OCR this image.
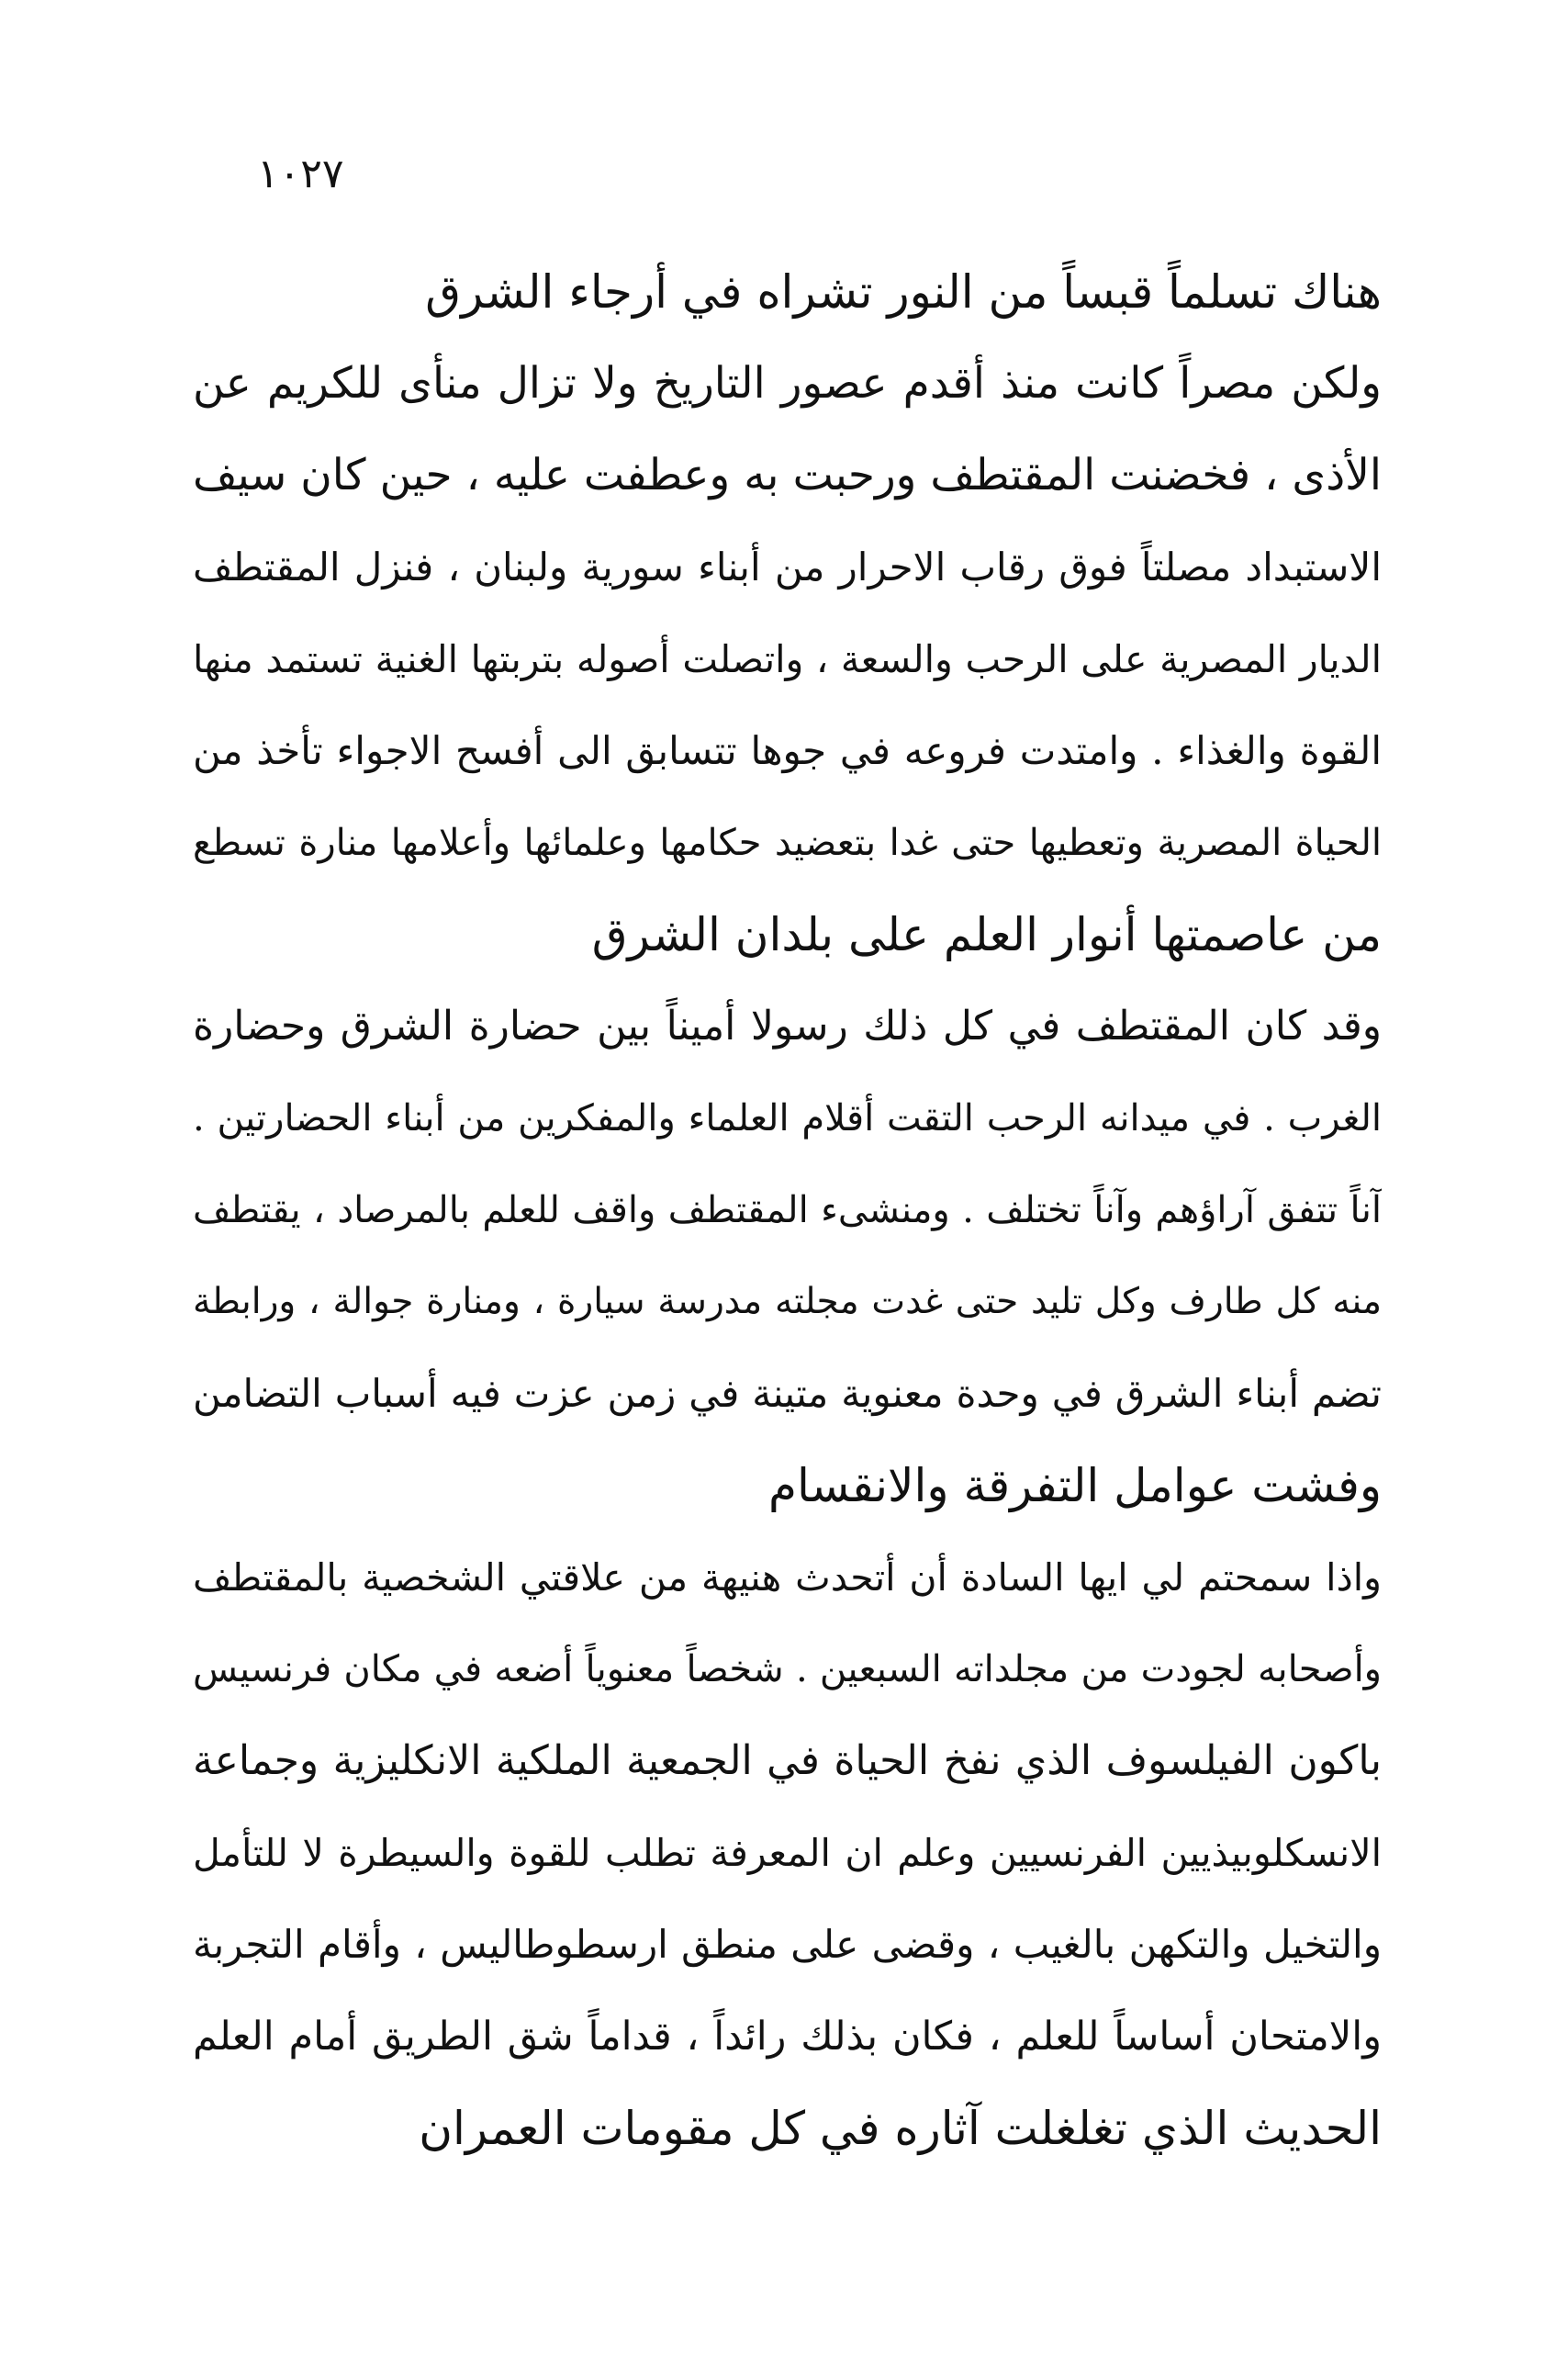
١٠٢٧
هناك تسلماً قبساً من النور تشراه في أرجاء الشرق
ولكن مصراً كانت منذ أقدم عصور التاريخ ولا تزال منأى للكريم عن
الأذى ، فخضنت المقتطف ورحبت به وعطفت عليه ، حين كان سيف
الاستبداد مصلتاً فوق رقاب الاحرار من أبناء سورية ولبنان ، فنزل المقتطف
الديار المصرية على الرحب والسعة ، واتصلت أصوله بتربتها الغنية تستمد منها
القوة والغذاء . وامتدت فروعه في جوها تتسابق الى أفسح الاجواء تأخذ من
الحياة المصرية وتعطيها حتى غدا بتعضيد حكامها وعلمائها وأعلامها منارة تسطع
من عاصمتها أنوار العلم على بلدان الشرق
وقد كان المقتطف في كل ذلك رسولا أميناً بين حضارة الشرق وحضارة
الغرب . في ميدانه الرحب التقت أقلام العلماء والمفكرين من أبناء الحضارتين .
آناً تتفق آراؤهم وآناً تختلف . ومنشىء المقتطف واقف للعلم بالمرصاد ، يقتطف
منه كل طارف وكل تليد حتى غدت مجلته مدرسة سيارة ، ومنارة جوالة ، ورابطة
تضم أبناء الشرق في وحدة معنوية متينة في زمن عزت فيه أسباب التضامن
وفشت عوامل التفرقة والانقسام
واذا سمحتم لي ايها السادة أن أتحدث هنيهة من علاقتي الشخصية بالمقتطف
وأصحابه لجودت من مجلداته السبعين . شخصاً معنوياً أضعه في مكان فرنسيس
باكون الفيلسوف الذي نفخ الحياة في الجمعية الملكية الانكليزية وجماعة
الانسكلوبيذيين الفرنسيين وعلم ان المعرفة تطلب للقوة والسيطرة لا للتأمل
والتخيل والتكهن بالغيب ، وقضى على منطق ارسطوطاليس ، وأقام التجربة
والامتحان أساساً للعلم ، فكان بذلك رائداً ، قداماً شق الطريق أمام العلم
الحديث الذي تغلغلت آثاره في كل مقومات العمران
